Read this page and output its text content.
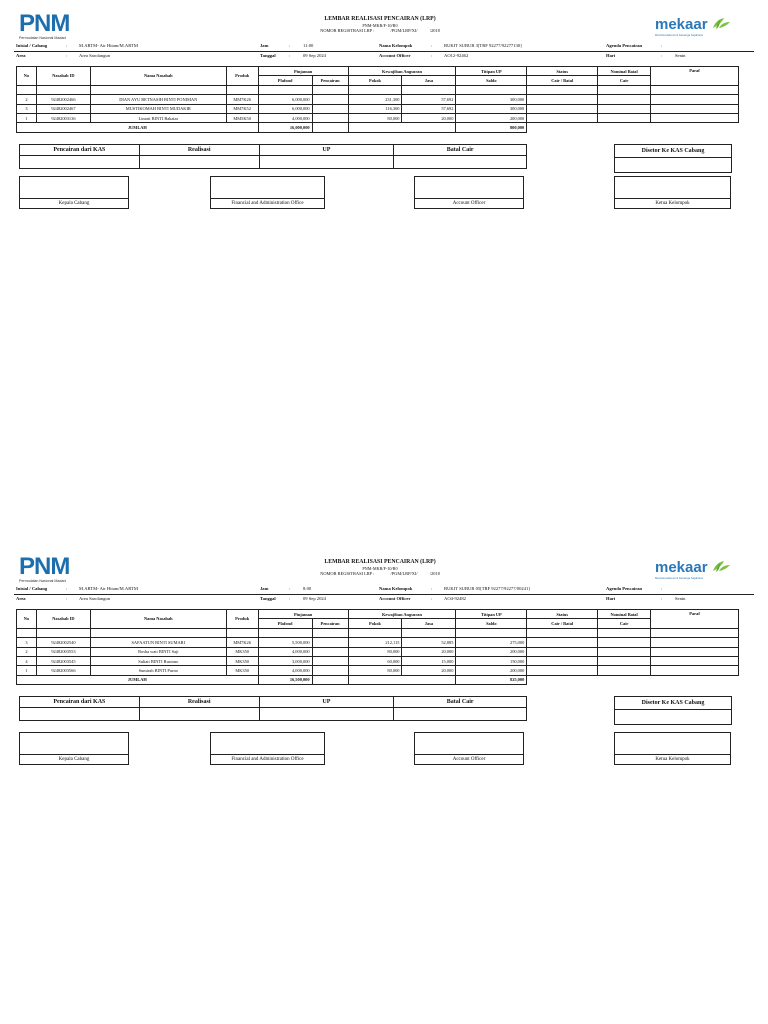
PNM
Permodalan Nasional Madani
mekaar
Membina Ekonomi Keluarga Sejahtera
LEMBAR REALISASI PENCAIRAN (LRP)
PNM-MKR/F-10/R0
NOMOR REGISTRASI LRP :	/PGM/LRP/XI/	/2018
Inisial / Cabang	:	M.ARTM- Air Hitam/M.ARTM
Area	:	Area Sarolangun
Jam	:	11:00
Tanggal	:	09 Sep 2024
Nama Kelompok	:	BUKIT SUBUR 3[TRF 92277/92277130]
Account Officer	:	AO12-92462
Agenda Pencairan	:
Hari	:	Senin
No	Nasabah ID	Nama Nasabah	Produk	Pinjaman		Kewajiban Angsuran		Titipan UP	Status	Nominal Batal	Paraf
				Plafond	Pencairan	Pokok	Jasa	Saldo	Cair / Batal	Cair	

2	92482002466	DIAN AYU RETNASIH BINTI PONIMAN	MM7K26	6,000,000		231,300	57,692	300,000			
3	92482002467	MUSTIKOMAH BINTI MUDAKIR	MM7K52	6,000,000		116,300	57,692	300,000			
1	92482003136	Linarti BINTI Bakatar	MM5K50	4,000,000		80,000	20,000	200,000			
JUMLAH				16,000,000				800,000			
Pencairan dari KAS	Realisasi	UP	Batal Cair
				Disetor Ke KAS Cabang

Kepala Cabang	Financial and Administration Office	Account Officer	Ketua Kelompok
PNM
Permodalan Nasional Madani
mekaar
Membina Ekonomi Keluarga Sejahtera
LEMBAR REALISASI PENCAIRAN (LRP)
PNM-MKR/F-10/R0
NOMOR REGISTRASI LRP :	/PGM/LRP/XI/	/2018
Inisial / Cabang	:	M.ARTM- Air Hitam/M.ARTM
Area	:	Area Sarolangun
Jam	:	8:00
Tanggal	:	09 Sep 2024
Nama Kelompok	:	BUKIT SUBUR 05[TRF 92277/92277/00241]
Account Officer	:	AO4-92482
Agenda Pencairan	:
Hari	:	Senin
No	Nasabah ID	Nama Nasabah	Produk	Pinjaman		Kewajiban Angsuran		Titipan UP	Status	Nominal Batal	Paraf
				Plafond	Pencairan	Pokok	Jasa	Saldo	Cair / Batal	Cair	

3	92482002540	SAFAATUN BINTI SUMARI	MM7K26	5,500,000		212,115	52,885	275,000			
2	92482003553	Rosha wati BINTI Saji	MK350	4,000,000		80,000	20,000	200,000			
4	92482003545	Suliati BINTI Rustono	MK350	3,000,000		60,000	15,000	150,000			
1	92482003566	Sumirah BINTI Purno	MK350	4,000,000		80,000	20,000	200,000			
JUMLAH				16,500,000				825,000			
Pencairan dari KAS	Realisasi	UP	Batal Cair
				Disetor Ke KAS Cabang

Kepala Cabang	Financial and Administration Office	Account Officer	Ketua Kelompok
